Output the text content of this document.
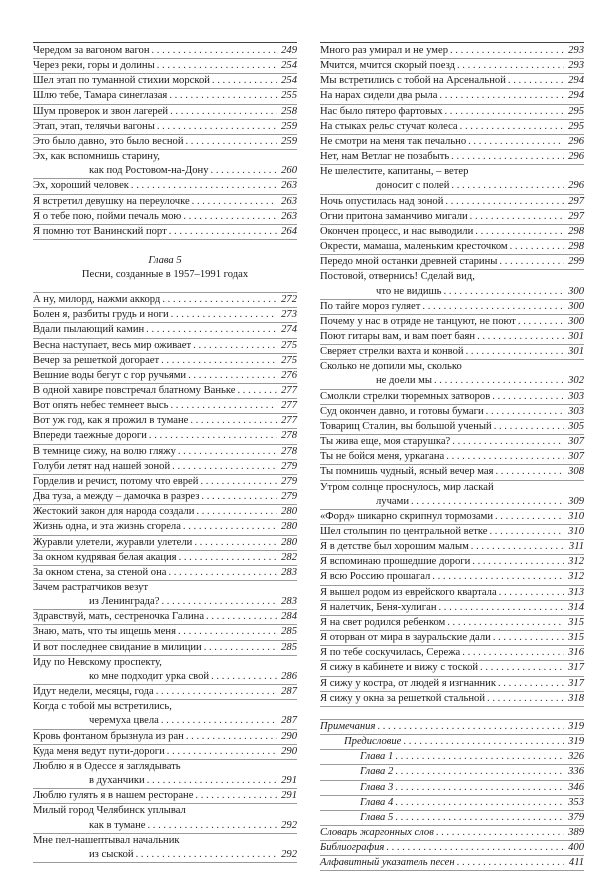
Чередом за вагоном вагон . . .	249
Через реки, горы и долины . . .	254
Шел этап по туманной стихии морской . . .	254
Шлю тебе, Тамара синеглазая . . .	255
Шум проверок и звон лагерей . . .	258
Этап, этап, телячьи вагоны . . .	259
Это было давно, это было весной . . .	259
Эх, как вспомнишь старину,
как под Ростовом-на-Дону . . .	260
Эх, хороший человек . . .	263
Я встретил девушку на переулочке . . .	263
Я о тебе пою, пойми печаль мою . . .	263
Я помню тот Ванинский порт . . .	264
Глава 5
Песни, созданные в 1957–1991 годах
А ну, милорд, нажми аккорд . . .	272
Болен я, разбиты грудь и ноги . . .	273
Вдали пылающий камин . . .	274
Весна наступает, весь мир оживает . . .	275
Вечер за решеткой догорает . . .	275
Вешние воды бегут с гор ручьями . . .	276
В одной хавире повстречал блатному Ваньке . . .	277
Вот опять небес темнеет высь . . .	277
Вот уж год, как я прожил в тумане . . .	277
Впереди таежные дороги . . .	278
В темнице сижу, на волю гляжу . . .	278
Голуби летят над нашей зоной . . .	279
Горделив и речист, потому что еврей . . .	279
Два туза, а между – дамочка в разрез . . .	279
Жестокий закон для народа создали . . .	280
Жизнь одна, и эта жизнь сгорела . . .	280
Журавли улетели, журавли улетели . . .	280
За окном кудрявая белая акация . . .	282
За окном стена, за стеной она . . .	283
Зачем растратчиков везут
из Ленинграда? . . .	283
Здравствуй, мать, сестреночка Галина . . .	284
Знаю, мать, что ты ищешь меня . . .	285
И вот последнее свидание в милиции . . .	285
Иду по Невскому проспекту,
ко мне подходит урка свой . . .	286
Идут недели, месяцы, года . . .	287
Когда с тобой мы встретились,
черемуха цвела . . .	287
Кровь фонтаном брызнула из ран . . .	290
Куда меня ведут пути-дороги . . .	290
Люблю я в Одессе я заглядывать
в духанчики . . .	291
Люблю гулять я в нашем ресторане . . .	291
Милый город Челябинск уплывал
как в тумане . . .	292
Мне пел-нашептывал начальник
из сыской . . .	292
Много раз умирал и не умер . . .	293
Мчится, мчится скорый поезд . . .	293
Мы встретились с тобой на Арсенальной . . .	294
На нарах сидели два рыла . . .	294
Нас было пятеро фартовых . . .	295
На стыках рельс стучат колеса . . .	295
Не смотри на меня так печально . . .	296
Нет, нам Ветлаг не позабыть . . .	296
Не шелестите, капитаны, – ветер
доносит с полей . . .	296
Ночь опустилась над зоной . . .	297
Огни притона заманчиво мигали . . .	297
Окончен процесс, и нас выводили . . .	298
Окрести, мамаша, маленьким кресточком . . .	298
Передо мной останки древней старины . . .	299
Постовой, отвернись! Сделай вид,
что не видишь . . .	300
По тайге мороз гуляет . . .	300
Почему у нас в отряде не танцуют, не поют . . .	300
Поют гитары вам, и вам поет баян . . .	301
Сверяет стрелки вахта и конвой . . .	301
Сколько не допили мы, сколько
не доели мы . . .	302
Смолкли стрелки тюремных затворов . . .	303
Суд окончен давно, и готовы бумаги . . .	303
Товарищ Сталин, вы большой ученый . . .	305
Ты жива еще, моя старушка? . . .	307
Ты не бойся меня, уркагана . . .	307
Ты помнишь чудный, ясный вечер мая . . .	308
Утром солнце проснулось, мир ласкай
лучами . . .	309
«Форд» шикарно скрипнул тормозами . . .	310
Шел столыпин по центральной ветке . . .	310
Я в детстве был хорошим малым . . .	311
Я вспоминаю прошедшие дороги . . .	312
Я всю Россию прошагал . . .	312
Я вышел родом из еврейского квартала . . .	313
Я налетчик, Беня-хулиган . . .	314
Я на свет родился ребенком . . .	315
Я оторван от мира в зауральские дали . . .	315
Я по тебе соскучилась, Сережа . . .	316
Я сижу в кабинете и вижу с тоской . . .	317
Я сижу у костра, от людей я изгнанник . . .	317
Я сижу у окна за решеткой стальной . . .	318
Примечания . . .	319
Предисловие . . .	319
Глава 1 . . .	326
Глава 2 . . .	336
Глава 3 . . .	346
Глава 4 . . .	353
Глава 5 . . .	379
Словарь жаргонных слов . . .	389
Библиография . . .	400
Алфавитный указатель песен . . .	411
